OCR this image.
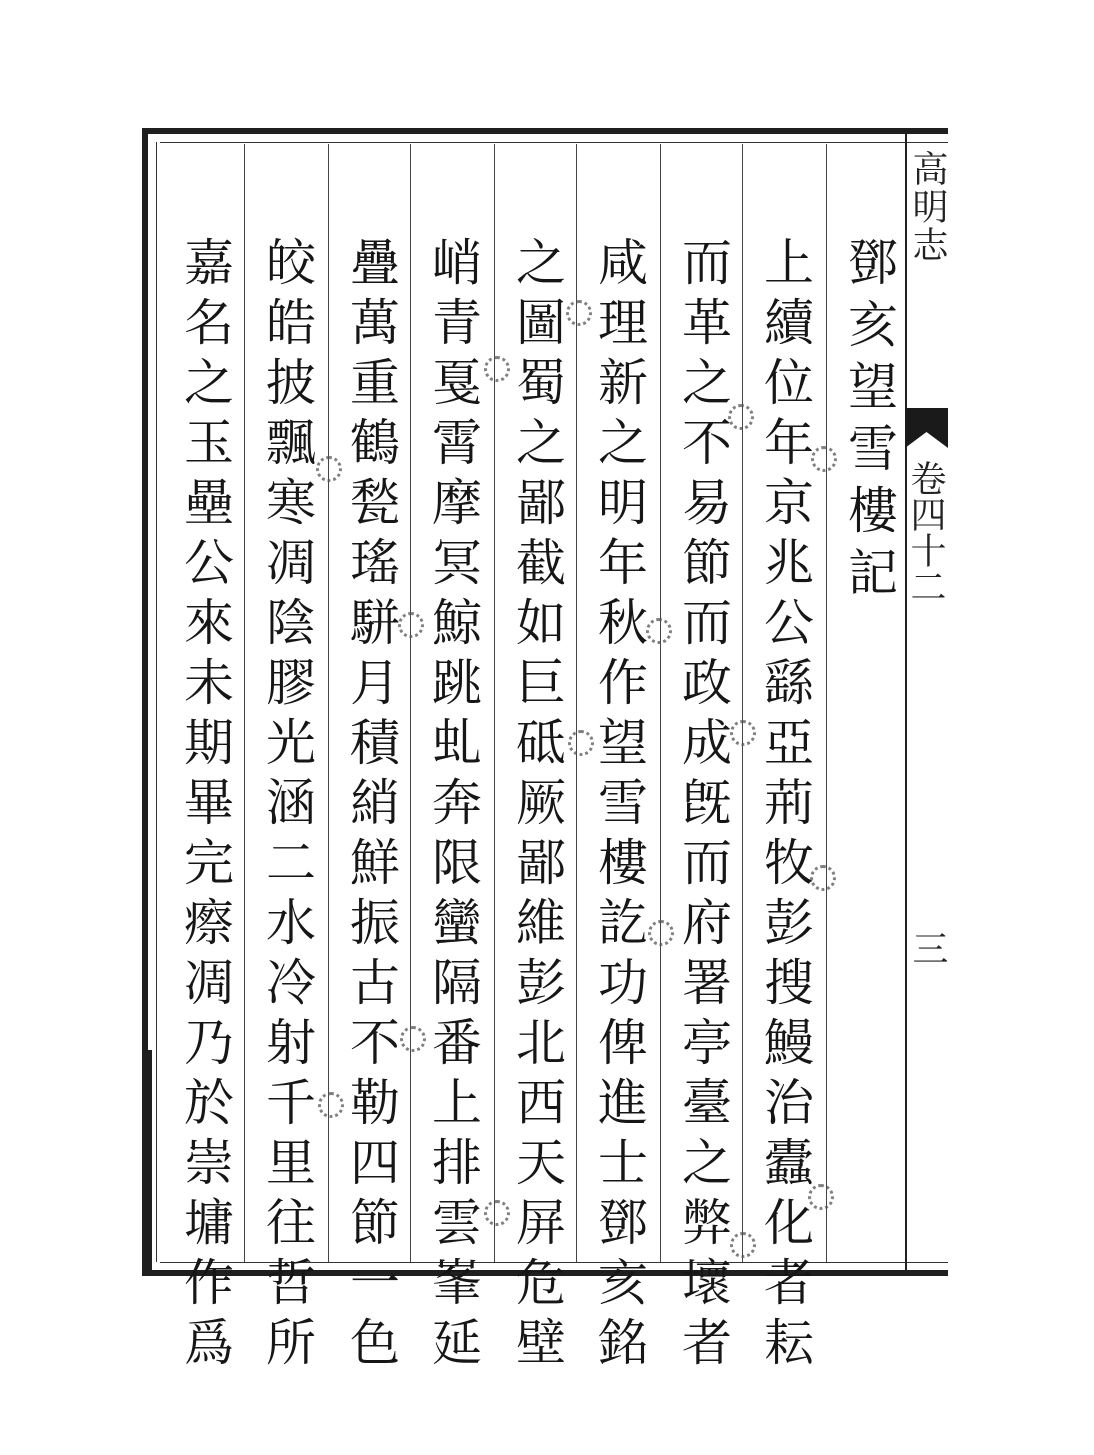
高明志
卷四十二
三
鄧亥望雪樓記
上續位年京兆公繇亞荊牧彭搜鰻治蠹化者耘
而革之不易節而政成旣而府署亭臺之弊壞者
咸理新之明年秋作望雪樓訖功俾進士鄧亥銘
之圖蜀之鄙截如巨砥厥鄙維彭北西天屏危壁
峭青戛霄摩冥鯨跳虬奔限蠻隔番上排雲峯延
疊萬重鶴甃瑤駢月積綃鮮振古不勒四節一色
皎皓披飄寒凋陰膠光涵二水冷射千里往哲所
嘉名之玉壘公來未期畢完瘵凋乃於崇墉作爲
